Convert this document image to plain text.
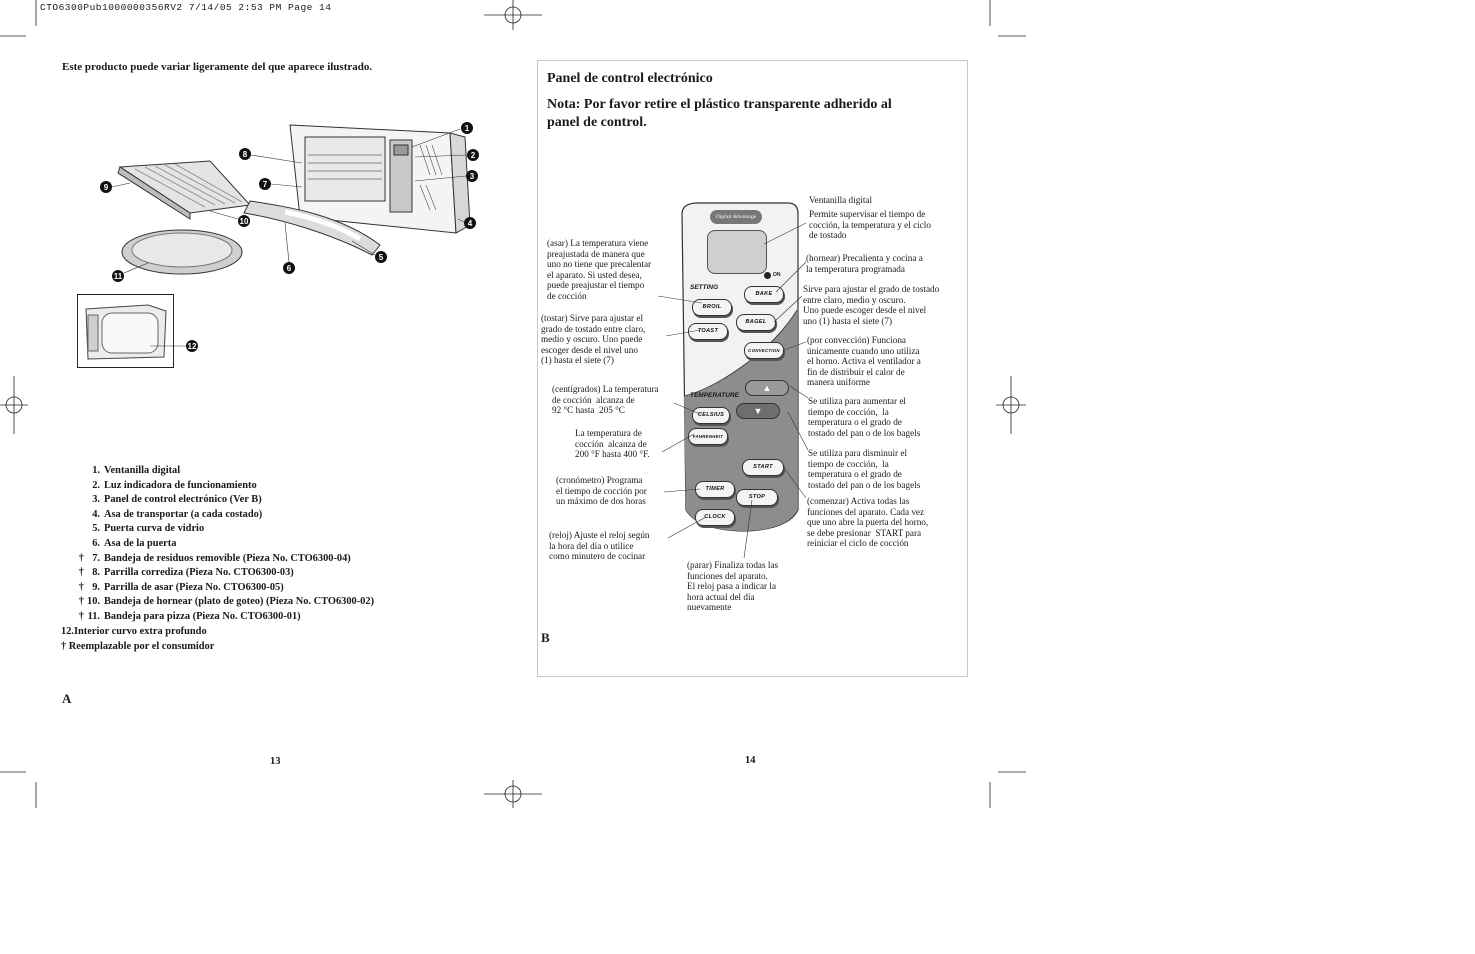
CTO6300Pub1000000356RV2 7/14/05 2:53 PM Page 14
Este producto puede variar ligeramente del que aparece ilustrado.
1
2
3
4
5
6
7
8
9
10
11
12
1. Ventanilla digital
2. Luz indicadora de funcionamiento
3. Panel de control electrónico (Ver B)
4. Asa de transportar (a cada costado)
5. Puerta curva de vidrio
6. Asa de la puerta
† 7. Bandeja de residuos removible (Pieza No. CTO6300-04)
† 8. Parrilla corrediza (Pieza No. CTO6300-03)
† 9. Parrilla de asar (Pieza No. CTO6300-05)
† 10. Bandeja de hornear (plato de goteo) (Pieza No. CTO6300-02)
† 11. Bandeja para pizza (Pieza No. CTO6300-01)
12.Interior curvo extra profundo
† Reemplazable por el consumidor
A
13
Panel de control electrónico
Nota: Por favor retire el plástico transparente adherido al panel de control.
Digital Advantage
ON
SETTING
TEMPERATURE
BROIL
BAKE
TOAST
BAGEL
CONVECTION
CELSIUS
FAHRENHEIT
START
STOP
TIMER
CLOCK
▲
▼
Ventanilla digital
Permite supervisar el tiempo de
cocción, la temperatura y el ciclo
de tostado
(hornear) Precalienta y cocina a
la temperatura programada
Sirve para ajustar el grado de tostado
entre claro, medio y oscuro.
Uno puede escoger desde el nivel
uno (1) hasta el siete (7)
(por convección) Funciona
únicamente cuando uno utiliza
el horno. Activa el ventilador a
fin de distribuir el calor de
manera uniforme
Se utiliza para aumentar el
tiempo de cocción,  la
temperatura o el grado de
tostado del pan o de los bagels
Se utiliza para disminuir el
tiempo de cocción,  la
temperatura o el grado de
tostado del pan o de los bagels
(comenzar) Activa todas las
funciones del aparato. Cada vez
que uno abre la puerta del horno,
se debe presionar  START para
reiniciar el ciclo de cocción
(asar) La temperatura viene
preajustada de manera que
uno no tiene que precalentar
el aparato. Si usted desea,
puede preajustar el tiempo
de cocción
(tostar) Sirve para ajustar el
grado de tostado entre claro,
medio y oscuro. Uno puede
escoger desde el nivel uno
(1) hasta el siete (7)
(centígrados) La temperatura
de cocción  alcanza de
92 °C hasta  205 °C
La temperatura de
cocción  alcanza de
200 °F hasta 400 °F.
(cronómetro) Programa
el tiempo de cocción por
un máximo de dos horas
(reloj) Ajuste el reloj según
la hora del día o utilice
como minutero de cocinar
(parar) Finaliza todas las
funciones del aparato.
El reloj pasa a indicar la
hora actual del día
nuevamente
B
14
